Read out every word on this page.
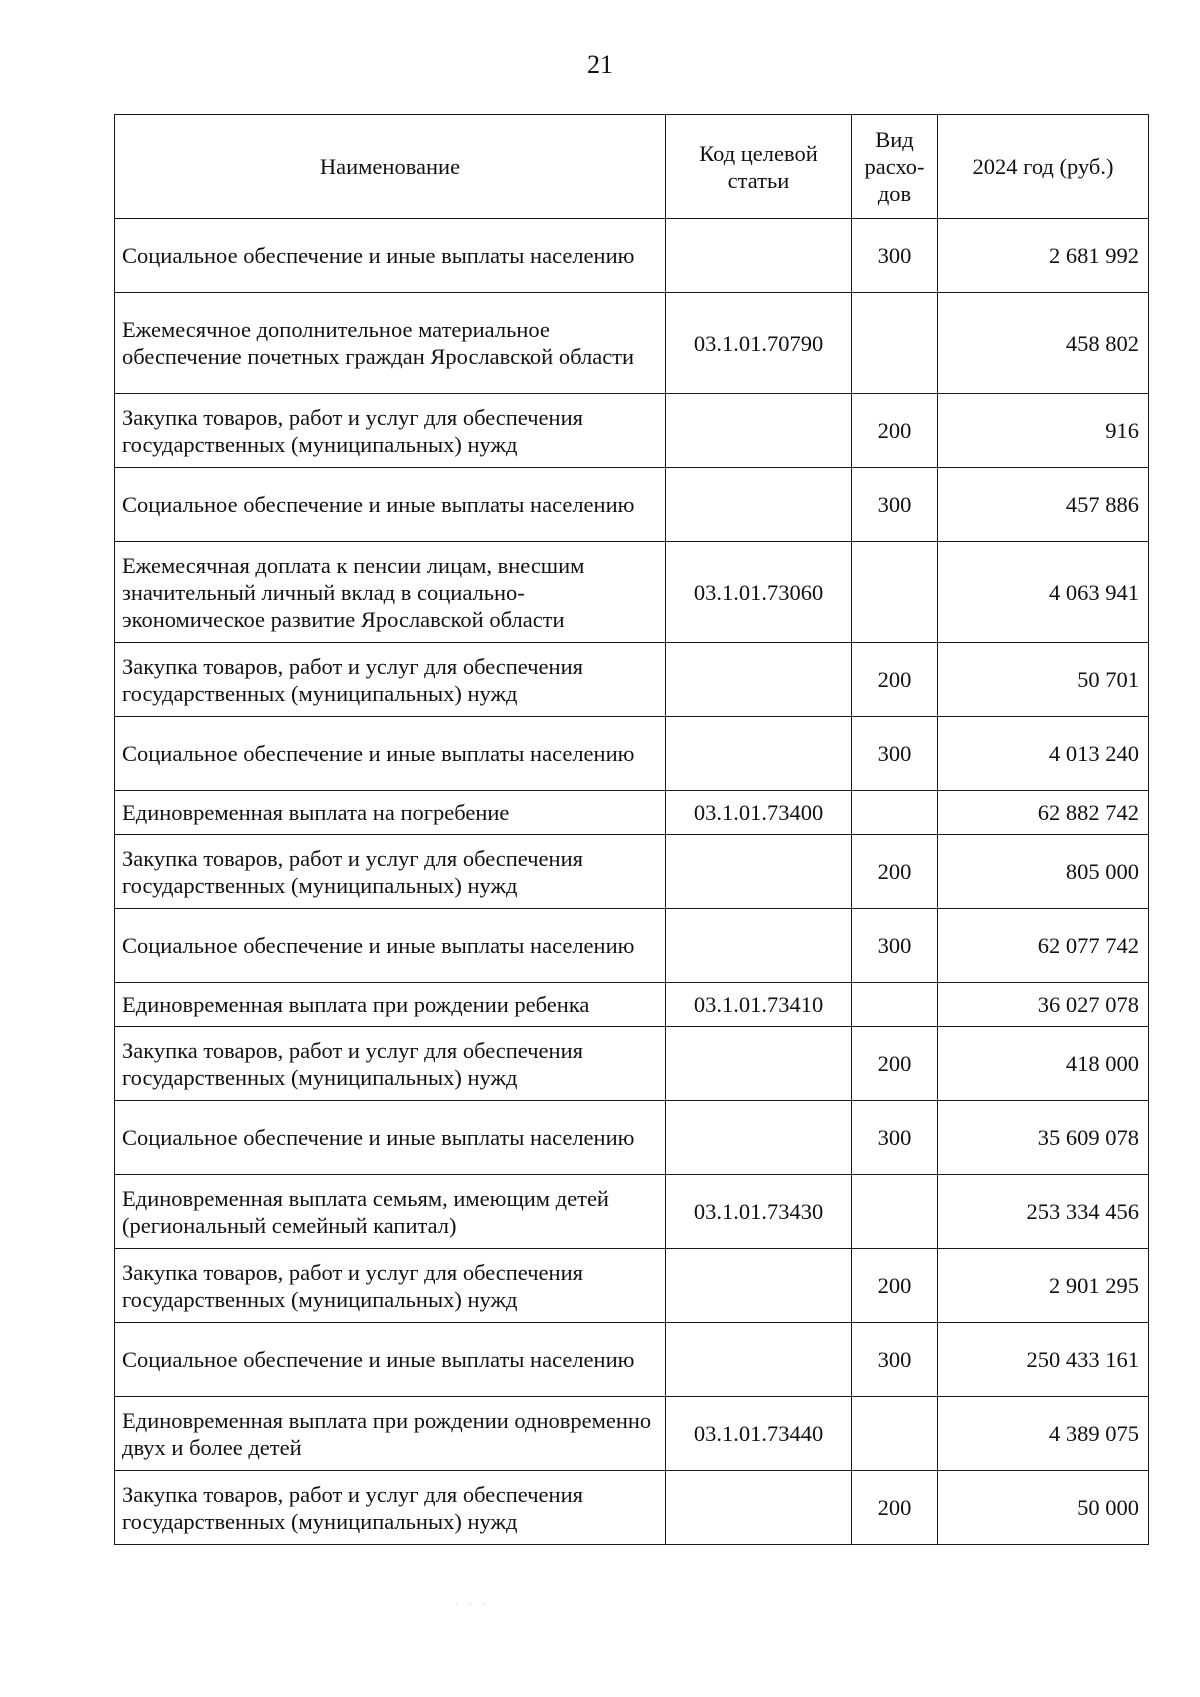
21
Наименование	Код целевой статьи	Вид расхо- дов	2024 год (руб.)
Социальное обеспечение и иные выплаты населению		300	2 681 992
Ежемесячное дополнительное материальное обеспечение почетных граждан Ярославской области	03.1.01.70790		458 802
Закупка товаров, работ и услуг для обеспечения государственных (муниципальных) нужд		200	916
Социальное обеспечение и иные выплаты населению		300	457 886
Ежемесячная доплата к пенсии лицам, внесшим значительный личный вклад в социально-экономическое развитие Ярославской области	03.1.01.73060		4 063 941
Закупка товаров, работ и услуг для обеспечения государственных (муниципальных) нужд		200	50 701
Социальное обеспечение и иные выплаты населению		300	4 013 240
Единовременная выплата на погребение	03.1.01.73400		62 882 742
Закупка товаров, работ и услуг для обеспечения государственных (муниципальных) нужд		200	805 000
Социальное обеспечение и иные выплаты населению		300	62 077 742
Единовременная выплата при рождении ребенка	03.1.01.73410		36 027 078
Закупка товаров, работ и услуг для обеспечения государственных (муниципальных) нужд		200	418 000
Социальное обеспечение и иные выплаты населению		300	35 609 078
Единовременная выплата семьям, имеющим детей (региональный семейный капитал)	03.1.01.73430		253 334 456
Закупка товаров, работ и услуг для обеспечения государственных (муниципальных) нужд		200	2 901 295
Социальное обеспечение и иные выплаты населению		300	250 433 161
Единовременная выплата при рождении одновременно двух и более детей	03.1.01.73440		4 389 075
Закупка товаров, работ и услуг для обеспечения государственных (муниципальных) нужд		200	50 000
· · ·
